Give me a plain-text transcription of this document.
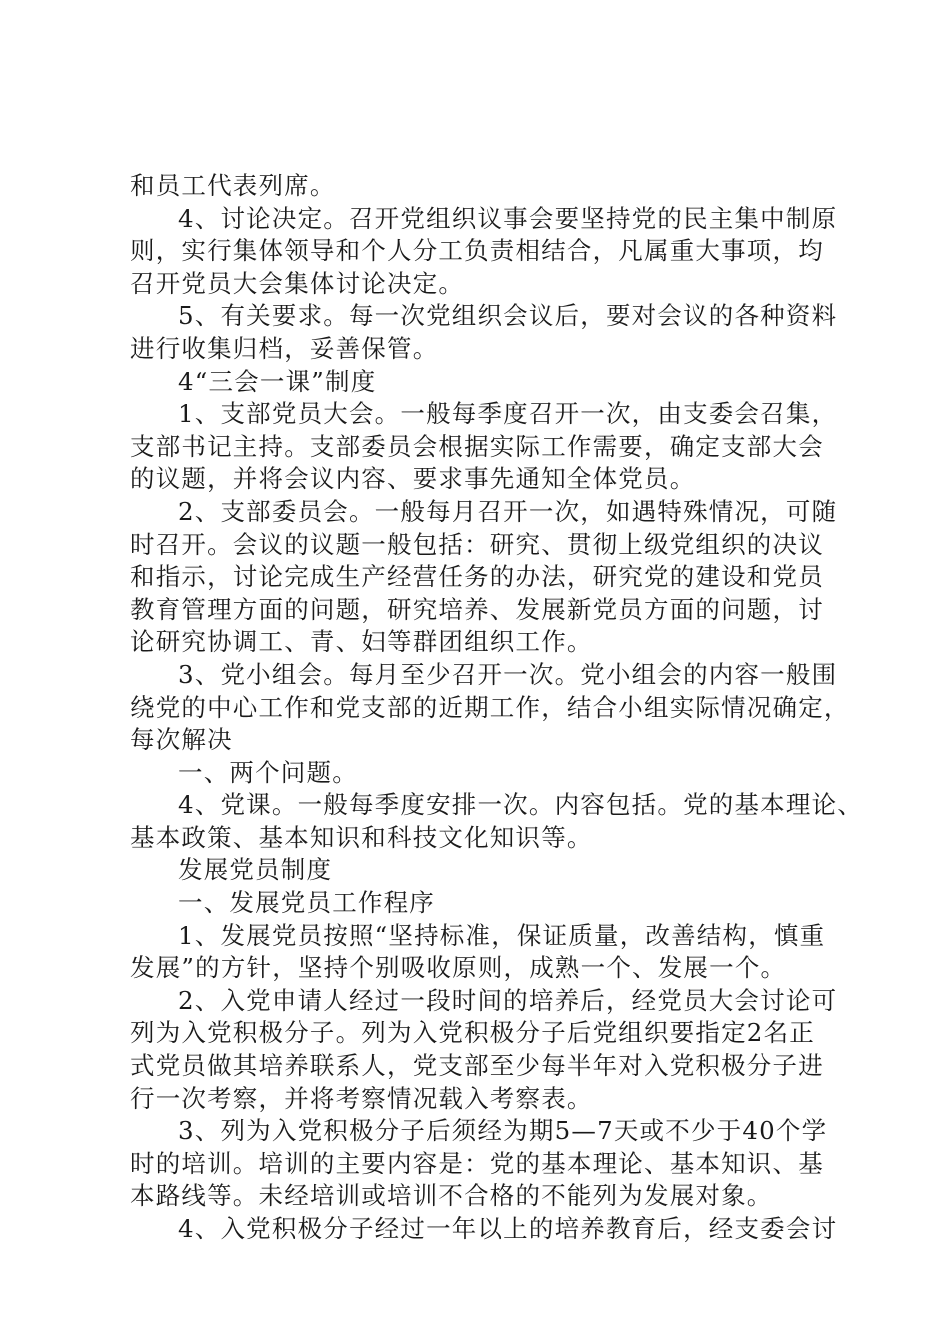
和员工代表列席。
4、讨论决定。召开党组织议事会要坚持党的民主集中制原
则，实行集体领导和个人分工负责相结合，凡属重大事项，均
召开党员大会集体讨论决定。
5、有关要求。每一次党组织会议后，要对会议的各种资料
进行收集归档，妥善保管。
4“三会一课”制度
1、支部党员大会。一般每季度召开一次，由支委会召集，
支部书记主持。支部委员会根据实际工作需要，确定支部大会
的议题，并将会议内容、要求事先通知全体党员。
2、支部委员会。一般每月召开一次，如遇特殊情况，可随
时召开。会议的议题一般包括：研究、贯彻上级党组织的决议
和指示，讨论完成生产经营任务的办法，研究党的建设和党员
教育管理方面的问题，研究培养、发展新党员方面的问题，讨
论研究协调工、青、妇等群团组织工作。
3、党小组会。每月至少召开一次。党小组会的内容一般围
绕党的中心工作和党支部的近期工作，结合小组实际情况确定，
每次解决
一、两个问题。
4、党课。一般每季度安排一次。内容包括。党的基本理论、
基本政策、基本知识和科技文化知识等。
发展党员制度
一、发展党员工作程序
1、发展党员按照“坚持标准，保证质量，改善结构，慎重
发展”的方针，坚持个别吸收原则，成熟一个、发展一个。
2、入党申请人经过一段时间的培养后，经党员大会讨论可
列为入党积极分子。列为入党积极分子后党组织要指定2名正
式党员做其培养联系人，党支部至少每半年对入党积极分子进
行一次考察，并将考察情况载入考察表。
3、列为入党积极分子后须经为期5—7天或不少于40个学
时的培训。培训的主要内容是：党的基本理论、基本知识、基
本路线等。未经培训或培训不合格的不能列为发展对象。
4、入党积极分子经过一年以上的培养教育后，经支委会讨
